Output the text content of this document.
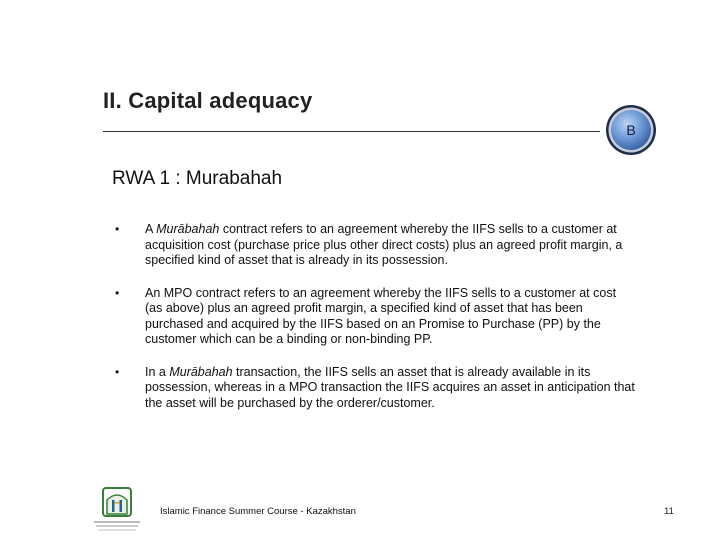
II. Capital adequacy
B
RWA 1 : Murabahah
• A Murābahah contract refers to an agreement whereby the IIFS sells to a customer at acquisition cost (purchase price plus other direct costs) plus an agreed profit margin, a specified kind of asset that is already in its possession.
• An MPO contract refers to an agreement whereby the IIFS sells to a customer at cost (as above) plus an agreed profit margin, a specified kind of asset that has been purchased and acquired by the IIFS based on an Promise to Purchase (PP) by the customer which can be a binding or non-binding PP.
• In a Murābahah transaction, the IIFS sells an asset that is already available in its possession, whereas in a MPO transaction the IIFS acquires an asset in anticipation that the asset will be purchased by the orderer/customer.
Islamic Finance Summer Course - Kazakhstan	11
